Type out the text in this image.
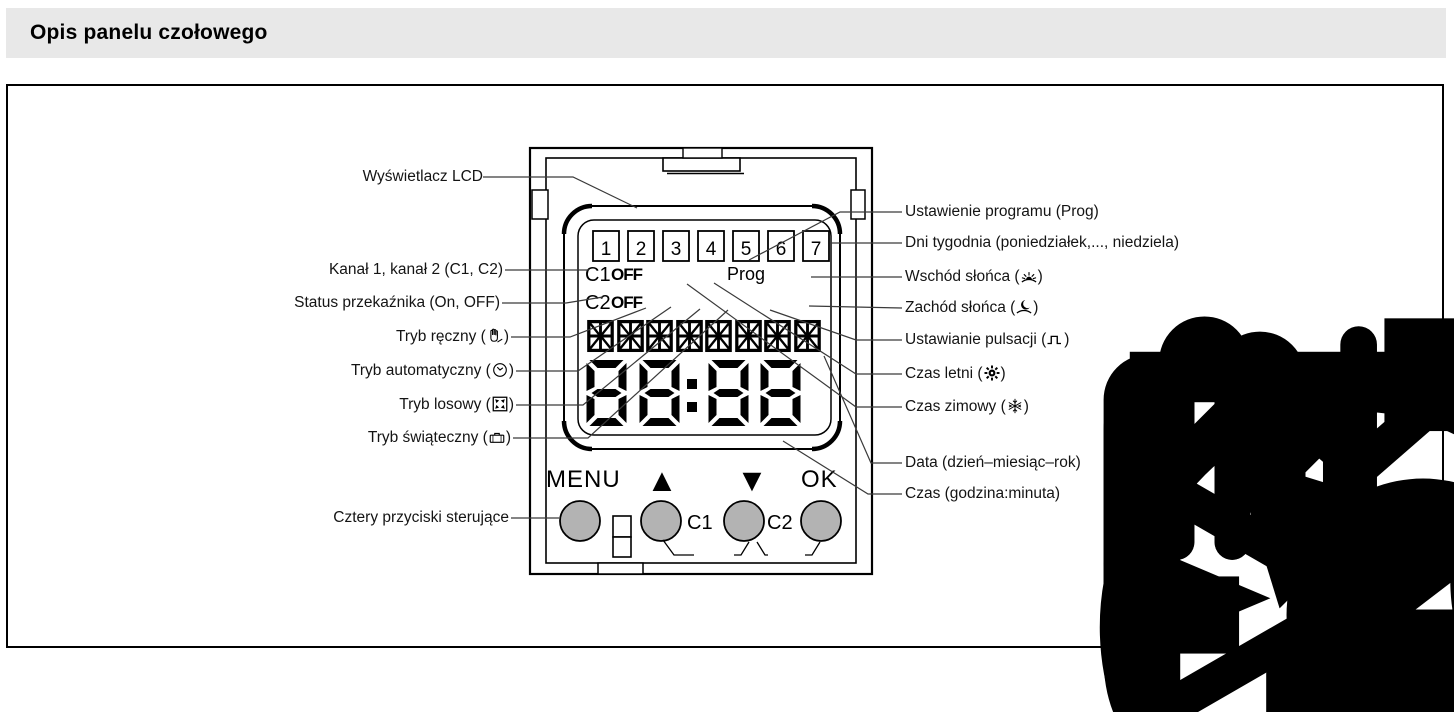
Opis panelu czołowego
1 2 3 4 5 6 7
C1 OFF	Prog
C2 OFF
MENU ▲ ▼ OK
C1	C2
Wyświetlacz LCD
Kanał 1, kanał 2 (C1, C2)
Status przekaźnika (On, OFF)
Tryb ręczny ( )
Tryb automatyczny ( )
Tryb losowy ( )
Tryb świąteczny ( )
Cztery przyciski sterujące
Ustawienie programu (Prog)
Dni tygodnia (poniedziałek,..., niedziela)
Wschód słońca ( )
Zachód słońca ( )
Ustawianie pulsacji ( )
Czas letni ( )
Czas zimowy ( )
Data (dzień–miesiąc–rok)
Czas (godzina:minuta)
